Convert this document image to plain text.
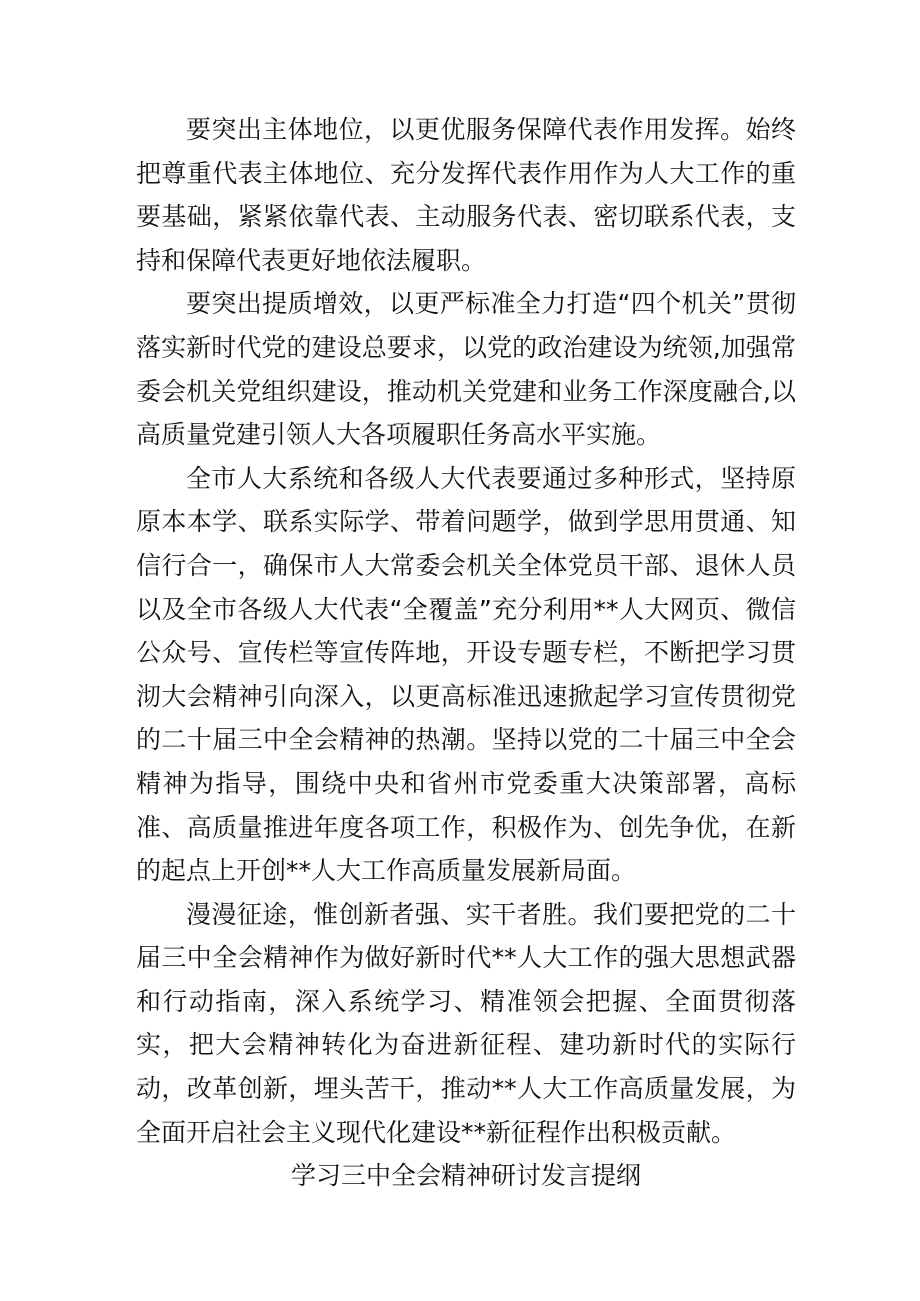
要突出主体地位，以更优服务保障代表作用发挥。始终把尊重代表主体地位、充分发挥代表作用作为人大工作的重要基础，紧紧依靠代表、主动服务代表、密切联系代表，支持和保障代表更好地依法履职。

要突出提质增效，以更严标准全力打造“四个机关”贯彻落实新时代党的建设总要求，以党的政治建设为统领,加强常委会机关党组织建设，推动机关党建和业务工作深度融合,以高质量党建引领人大各项履职任务高水平实施。

全市人大系统和各级人大代表要通过多种形式，坚持原原本本学、联系实际学、带着问题学，做到学思用贯通、知信行合一，确保市人大常委会机关全体党员干部、退休人员以及全市各级人大代表“全覆盖”充分利用**人大网页、微信公众号、宣传栏等宣传阵地，开设专题专栏，不断把学习贯沏大会精神引向深入，以更高标准迅速掀起学习宣传贯彻党的二十届三中全会精神的热潮。坚持以党的二十届三中全会精神为指导，围绕中央和省州市党委重大决策部署，高标准、高质量推进年度各项工作，积极作为、创先争优，在新的起点上开创**人大工作高质量发展新局面。

漫漫征途，惟创新者强、实干者胜。我们要把党的二十届三中全会精神作为做好新时代**人大工作的强大思想武器和行动指南，深入系统学习、精准领会把握、全面贯彻落实，把大会精神转化为奋进新征程、建功新时代的实际行动，改革创新，埋头苦干，推动**人大工作高质量发展，为全面开启社会主义现代化建设**新征程作出积极贡献。

学习三中全会精神研讨发言提纲
